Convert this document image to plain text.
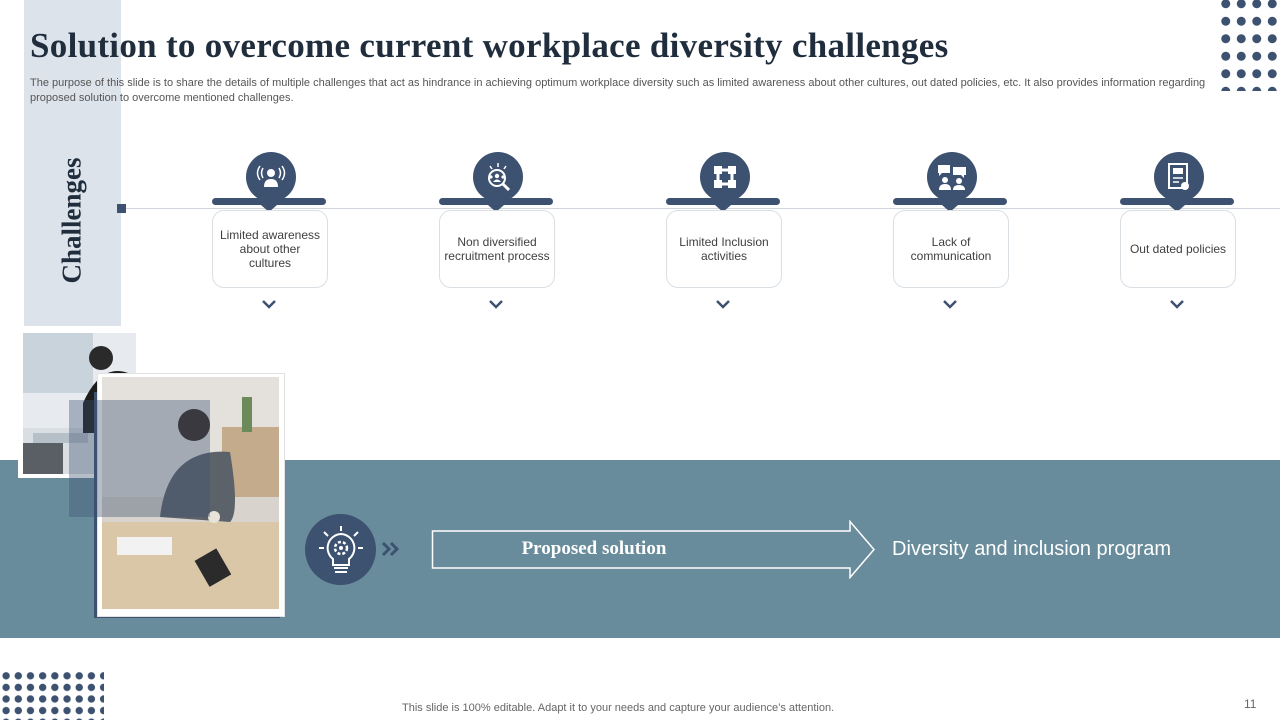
Challenges
Solution to overcome current workplace diversity challenges

The purpose of this slide is to share the details of multiple challenges that act as hindrance in achieving optimum workplace diversity such as limited awareness about other cultures, out dated policies, etc. It also provides information regarding proposed solution to overcome mentioned challenges.

Limited awareness about other cultures
Non diversified recruitment process
Limited Inclusion activities
Lack of communication	Out dated policies
Proposed solution	Diversity and inclusion program
This slide is 100% editable. Adapt it to your needs and capture your audience’s attention.	11
